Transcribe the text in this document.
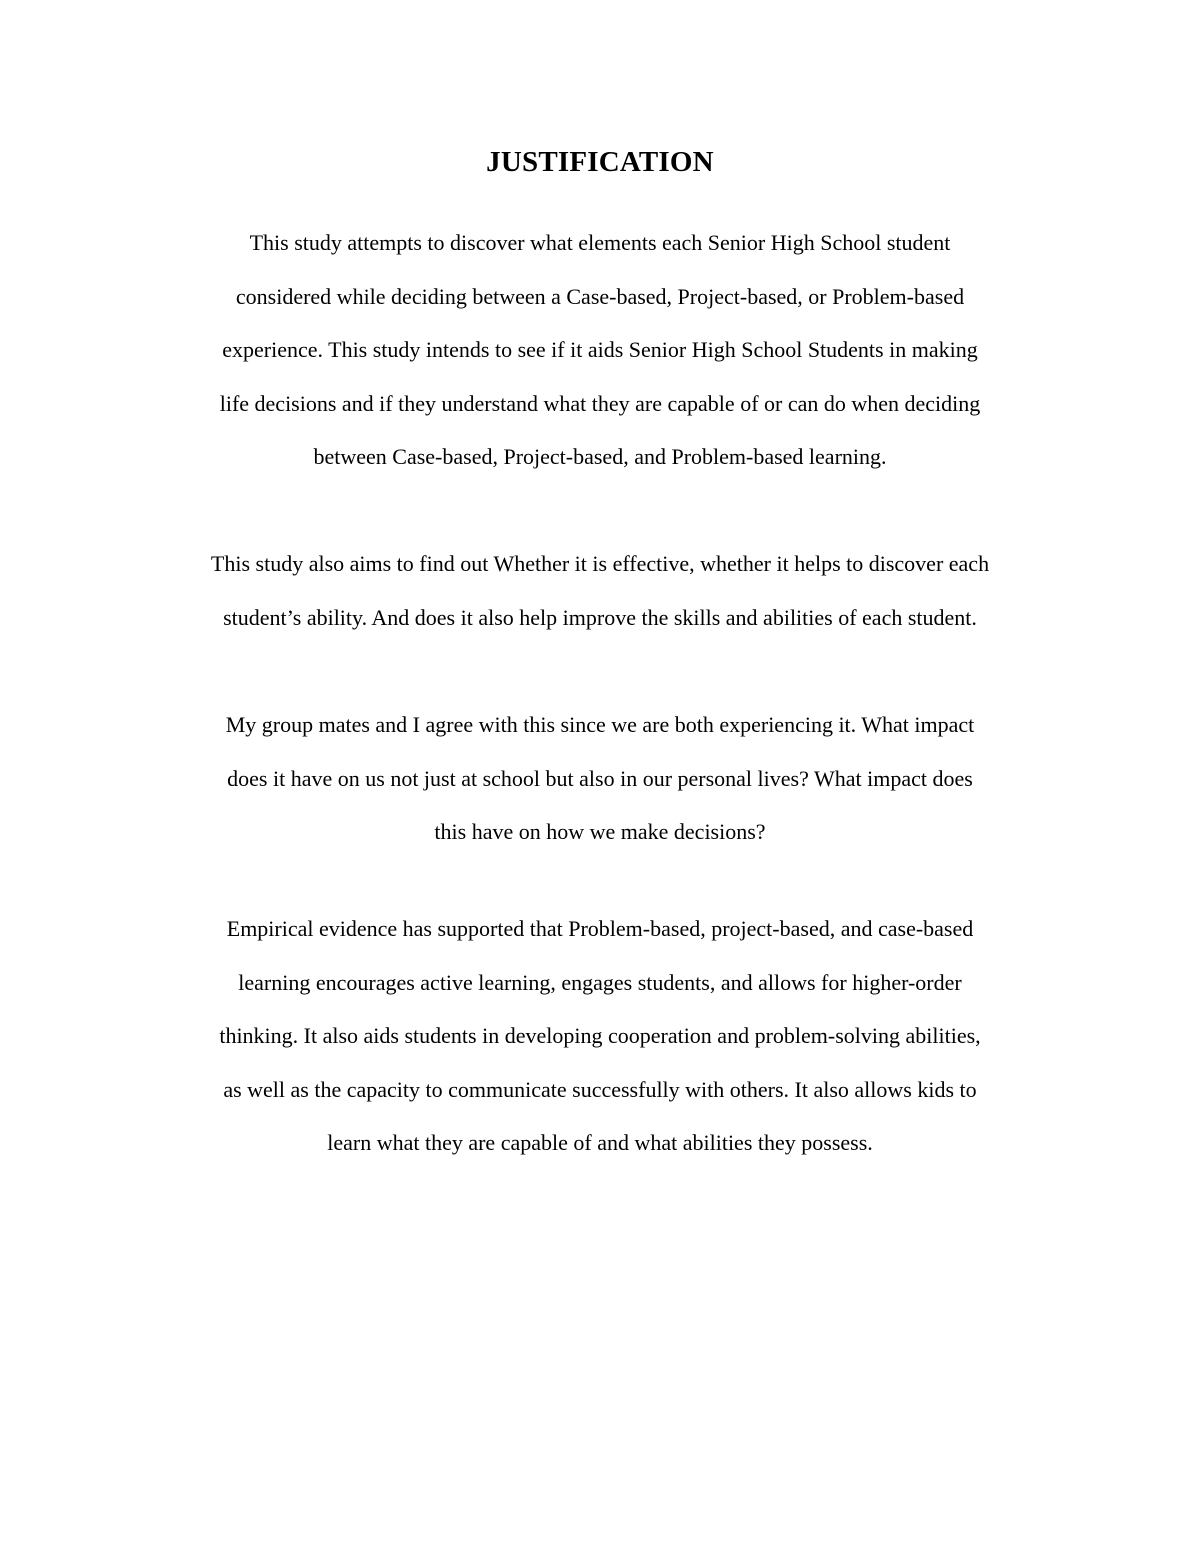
JUSTIFICATION
This study attempts to discover what elements each Senior High School student
considered while deciding between a Case-based, Project-based, or Problem-based
experience. This study intends to see if it aids Senior High School Students in making
life decisions and if they understand what they are capable of or can do when deciding
between Case-based, Project-based, and Problem-based learning.
This study also aims to find out Whether it is effective, whether it helps to discover each
student’s ability. And does it also help improve the skills and abilities of each student.
My group mates and I agree with this since we are both experiencing it. What impact
does it have on us not just at school but also in our personal lives? What impact does
this have on how we make decisions?
Empirical evidence has supported that Problem-based, project-based, and case-based
learning encourages active learning, engages students, and allows for higher-order
thinking. It also aids students in developing cooperation and problem-solving abilities,
as well as the capacity to communicate successfully with others. It also allows kids to
learn what they are capable of and what abilities they possess.
